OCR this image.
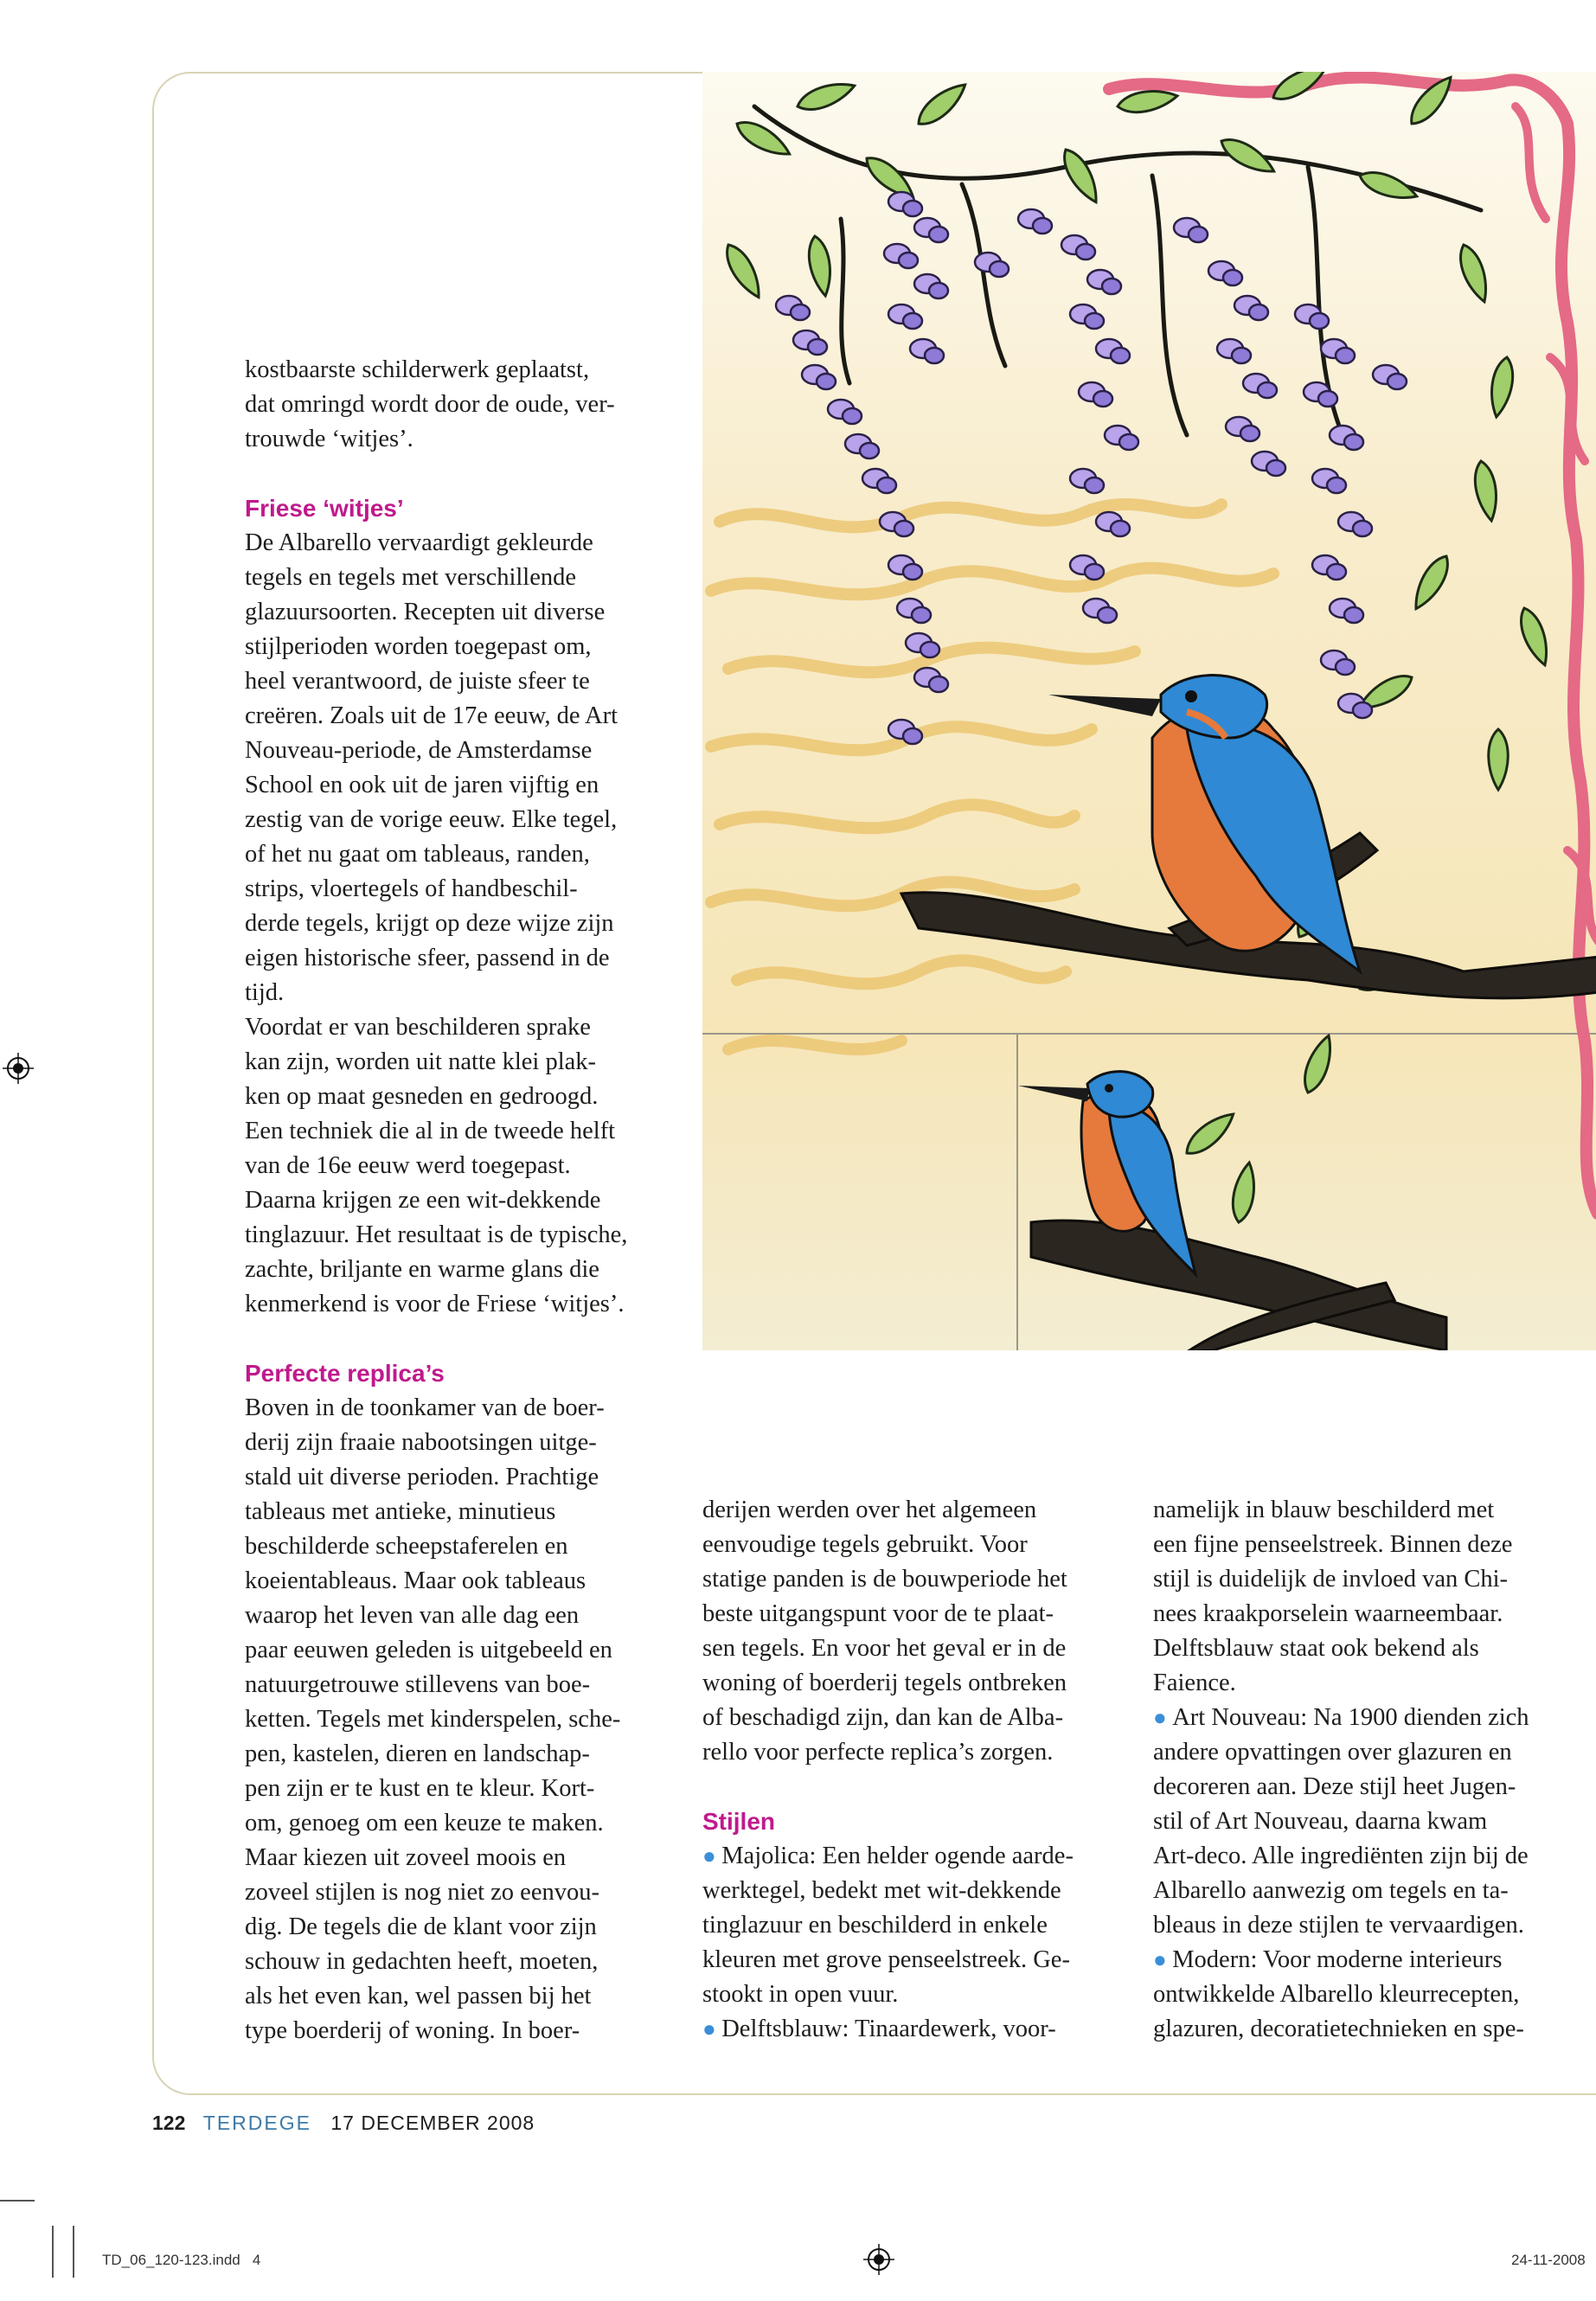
kostbaarste schilderwerk geplaatst,
dat omringd wordt door de oude, ver-
trouwde ‘witjes’.
Friese ‘witjes’
De Albarello vervaardigt gekleurde
tegels en tegels met verschillende
glazuursoorten. Recepten uit diverse
stijlperioden worden toegepast om,
heel verantwoord, de juiste sfeer te
creëren. Zoals uit de 17e eeuw, de Art
Nouveau-periode, de Amsterdamse
School en ook uit de jaren vijftig en
zestig van de vorige eeuw. Elke tegel,
of het nu gaat om tableaus, randen,
strips, vloertegels of handbeschil-
derde tegels, krijgt op deze wijze zijn
eigen historische sfeer, passend in de
tijd.
Voordat er van beschilderen sprake
kan zijn, worden uit natte klei plak-
ken op maat gesneden en gedroogd.
Een techniek die al in de tweede helft
van de 16e eeuw werd toegepast.
Daarna krijgen ze een wit-dekkende
tinglazuur. Het resultaat is de typische,
zachte, briljante en warme glans die
kenmerkend is voor de Friese ‘witjes’.
Perfecte replica’s
Boven in de toonkamer van de boer-
derij zijn fraaie nabootsingen uitge-
stald uit diverse perioden. Prachtige
tableaus met antieke, minutieus
beschilderde scheepstaferelen en
koeientableaus. Maar ook tableaus
waarop het leven van alle dag een
paar eeuwen geleden is uitgebeeld en
natuurgetrouwe stillevens van boe-
ketten. Tegels met kinderspelen, sche-
pen, kastelen, dieren en landschap-
pen zijn er te kust en te kleur. Kort-
om, genoeg om een keuze te maken.
Maar kiezen uit zoveel moois en
zoveel stijlen is nog niet zo eenvou-
dig. De tegels die de klant voor zijn
schouw in gedachten heeft, moeten,
als het even kan, wel passen bij het
type boerderij of woning. In boer-
derijen werden over het algemeen
eenvoudige tegels gebruikt. Voor
statige panden is de bouwperiode het
beste uitgangspunt voor de te plaat-
sen tegels. En voor het geval er in de
woning of boerderij tegels ontbreken
of beschadigd zijn, dan kan de Alba-
rello voor perfecte replica’s zorgen.
Stijlen
● Majolica: Een helder ogende aarde-
werktegel, bedekt met wit-dekkende
tinglazuur en beschilderd in enkele
kleuren met grove penseelstreek. Ge-
stookt in open vuur.
● Delftsblauw: Tinaardewerk, voor-
namelijk in blauw beschilderd met
een fijne penseelstreek. Binnen deze
stijl is duidelijk de invloed van Chi-
nees kraakporselein waarneembaar.
Delftsblauw staat ook bekend als
Faience.
● Art Nouveau: Na 1900 dienden zich
andere opvattingen over glazuren en
decoreren aan. Deze stijl heet Jugen-
stil of Art Nouveau, daarna kwam
Art-deco. Alle ingrediënten zijn bij de
Albarello aanwezig om tegels en ta-
bleaus in deze stijlen te vervaardigen.
● Modern: Voor moderne interieurs
ontwikkelde Albarello kleurrecepten,
glazuren, decoratietechnieken en spe-
122 TERDEGE 17 DECEMBER 2008
TD_06_120-123.indd   4	24-11-2008
